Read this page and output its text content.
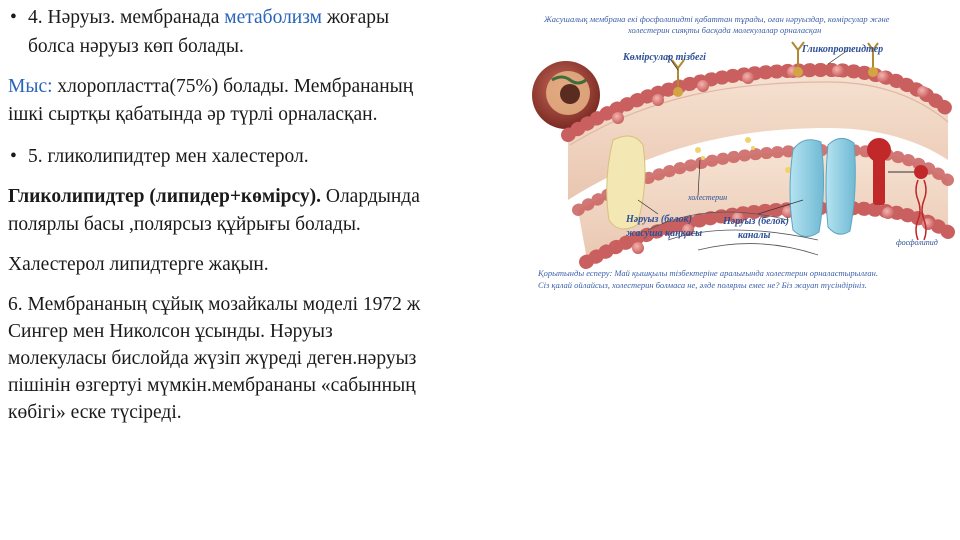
• 4. Нәруыз. мембранада метаболизм жоғары
болса нәруыз көп болады.
Мыс: хлоропластта(75%) болады. Мембрананың
ішкі сыртқы қабатында әр түрлі орналасқан.
• 5. гликолипидтер мен халестерол.
Гликолипидтер (липидер+көмірсу). Олардында
полярлы басы ,полярсыз құйрығы болады.
Халестерол липидтерге жақын.
6. Мембрананың сұйық мозайкалы моделі 1972 ж
Сингер мен Николсон ұсынды. Нәруыз
молекуласы бислойда жүзіп жүреді деген.нәруыз
пішінін өзгертуі мүмкін.мембрананы «сабынның
көбігі» еске түсіреді.
Жасушалық мембрана екі фосфолипидті қабаттан тұрады, оған нәруыздар, көмірсулар және
холестерин сияқты басқада молекулалар орналасқан
Көмірсулар тізбегі
Гликопротеидтер
холестерин
Нәруыз (белок)
жасуша қаңқасы
Нәруыз (белок)
каналы
фосфолипид
Қорытынды есперу: Май қышқылы тізбектеріне аралығында холестерин орналастырылған.
Сіз қалай ойлайсыз, холестерин болмаса не, әлде полярлы емес не? Біз жауап түсіндірініз.
